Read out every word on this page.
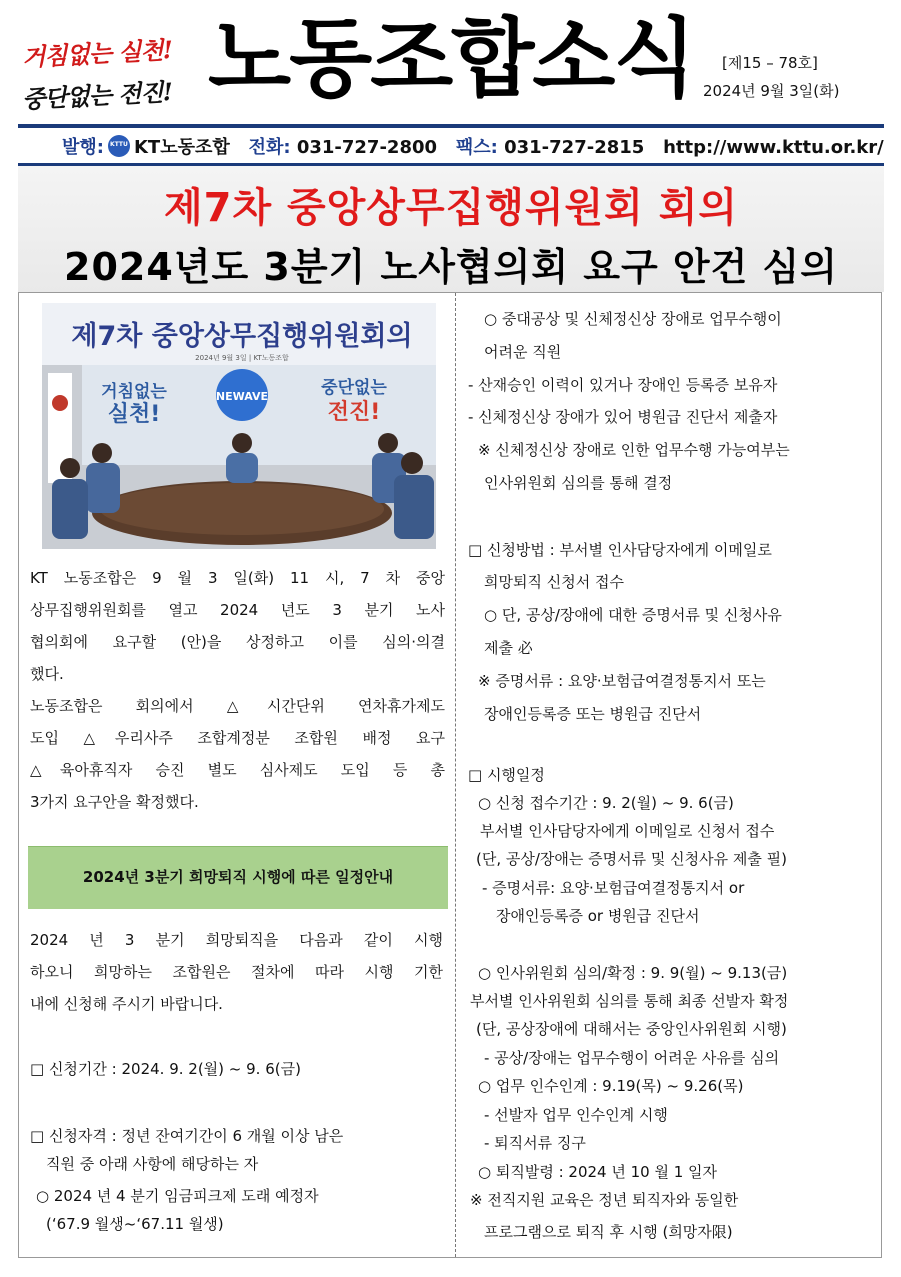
거침없는 실천!
중단없는 전진! 노동조합소식 [제15 – 78호]
2024년 9월 3일(화)
발행:KTTU KT노동조합 전화: 031-727-2800 팩스: 031-727-2815 http://www.kttu.or.kr/
제7차 중앙상무집행위원회 회의
2024년도 3분기 노사협의회 요구 안건 심의
제7차 중앙상무집행위원회의
2024년 9월 3일 | KT노동조합
거침없는
실천!
NEWAVE	중단없는
전진!
KT 노동조합은 9 월 3 일(화) 11 시, 7 차 중앙
상무집행위원회를 열고 2024 년도 3 분기 노사
협의회에 요구할 (안)을 상정하고 이를 심의·의결
했다.
노동조합은 회의에서 △시간단위 연차휴가제도
도입 △우리사주 조합계정분 조합원 배정 요구
△육아휴직자 승진 별도 심사제도 도입 등 총
3가지 요구안을 확정했다.
2024년 3분기 희망퇴직 시행에 따른 일정안내
2024 년 3 분기 희망퇴직을 다음과 같이 시행
하오니 희망하는 조합원은 절차에 따라 시행 기한
내에 신청해 주시기 바랍니다.
□ 신청기간 : 2024. 9. 2(월) ~ 9. 6(금)
□ 신청자격 : 정년 잔여기간이 6 개월 이상 남은
직원 중 아래 사항에 해당하는 자
○ 2024 년 4 분기 임금피크제 도래 예정자
(‘67.9 월생~‘67.11 월생)
○ 중대공상 및 신체정신상 장애로 업무수행이
어려운 직원
- 산재승인 이력이 있거나 장애인 등록증 보유자
- 신체정신상 장애가 있어 병원급 진단서 제출자
※ 신체정신상 장애로 인한 업무수행 가능여부는
인사위원회 심의를 통해 결정
□ 신청방법 : 부서별 인사담당자에게 이메일로
희망퇴직 신청서 접수
○ 단, 공상/장애에 대한 증명서류 및 신청사유
제출 必
※ 증명서류 : 요양·보험급여결정통지서 또는
장애인등록증 또는 병원급 진단서
□ 시행일정
○ 신청 접수기간 : 9. 2(월) ~ 9. 6(금)
부서별 인사담당자에게 이메일로 신청서 접수
(단, 공상/장애는 증명서류 및 신청사유 제출 필)
- 증명서류: 요양·보험급여결정통지서 or
장애인등록증 or 병원급 진단서
○ 인사위원회 심의/확정 : 9. 9(월) ~ 9.13(금)
부서별 인사위원회 심의를 통해 최종 선발자 확정
(단, 공상장애에 대해서는 중앙인사위원회 시행)
- 공상/장애는 업무수행이 어려운 사유를 심의
○ 업무 인수인계 : 9.19(목) ~ 9.26(목)
- 선발자 업무 인수인계 시행
- 퇴직서류 징구
○ 퇴직발령 : 2024 년 10 월 1 일자
※ 전직지원 교육은 정년 퇴직자와 동일한
프로그램으로 퇴직 후 시행 (희망자限)
